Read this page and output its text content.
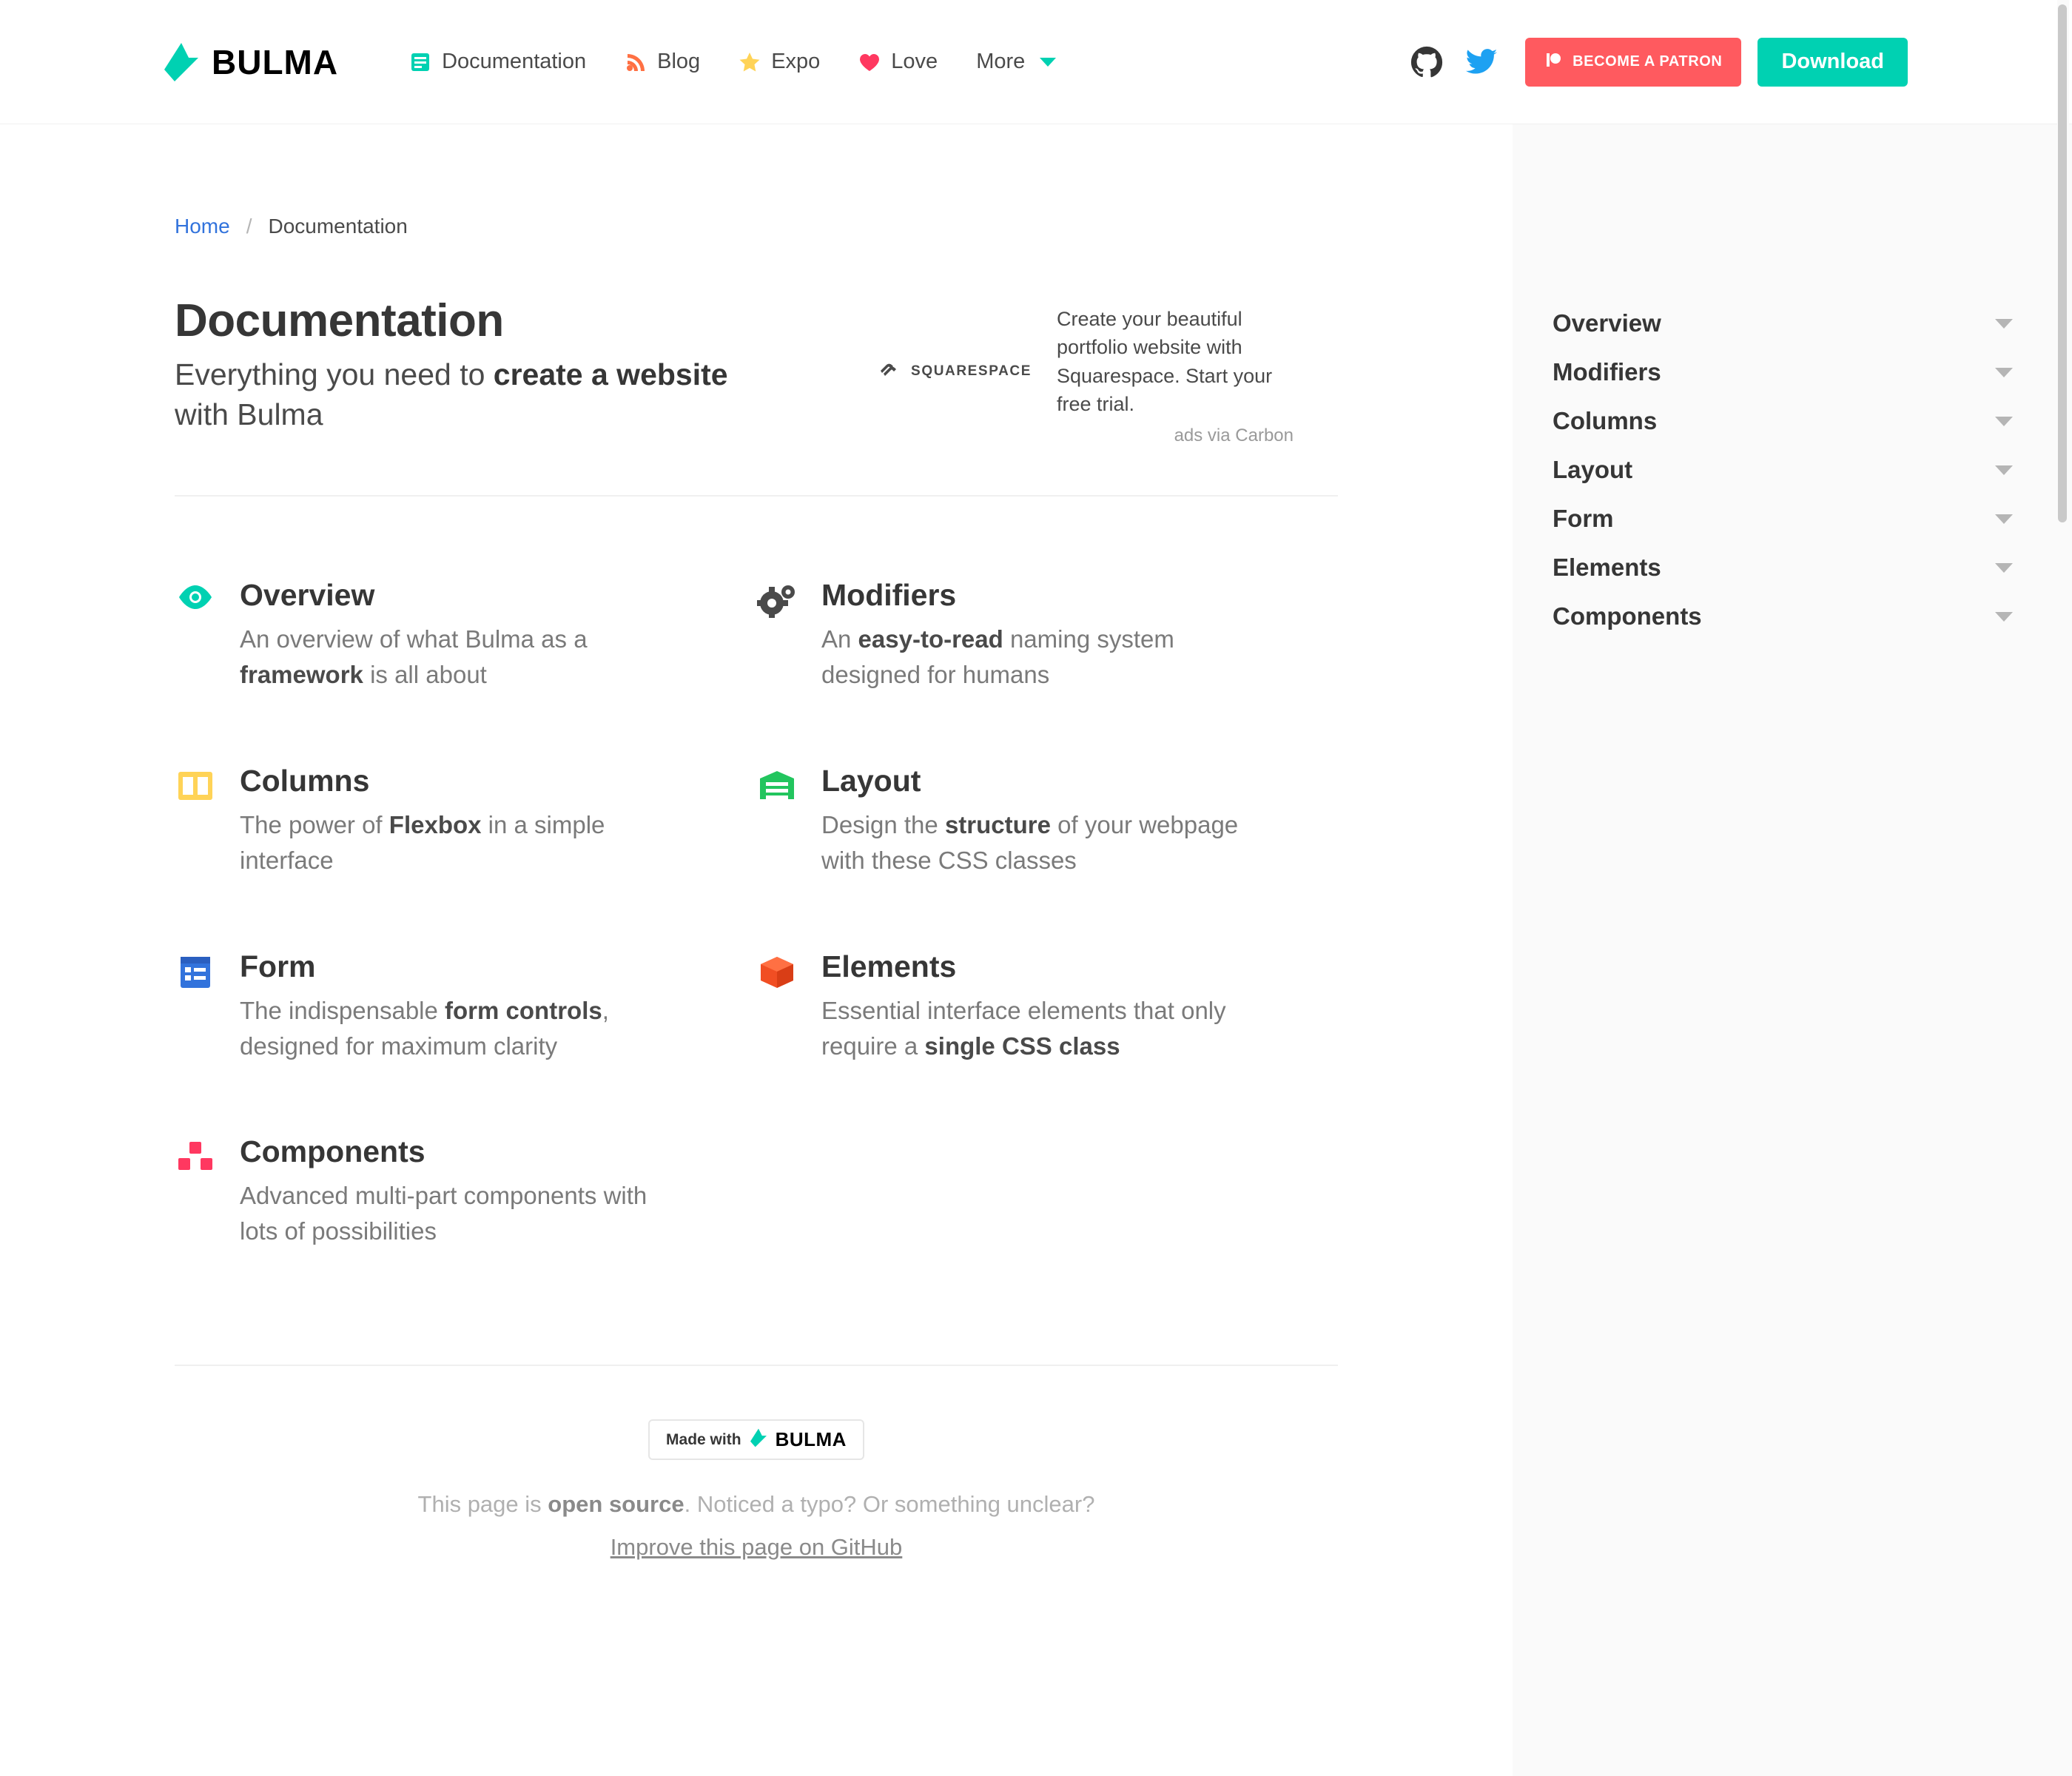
BULMA	Documentation	Blog	Expo	Love More	BECOME A PATRON	Download
Home / Documentation
Documentation
Everything you need to create a website with Bulma
SQUARESPACE
Create your beautiful portfolio website with Squarespace. Start your free trial.
ads via Carbon
Overview
An overview of what Bulma as a framework is all about
Modifiers
An easy-to-read naming system designed for humans
Columns
The power of Flexbox in a simple interface
Layout
Design the structure of your webpage with these CSS classes
Form
The indispensable form controls, designed for maximum clarity
Elements
Essential interface elements that only require a single CSS class
Components
Advanced multi-part components with lots of possibilities
Made with BULMA
This page is open source. Noticed a typo? Or something unclear?
Improve this page on GitHub
Overview
Modifiers
Columns
Layout
Form
Elements
Components
